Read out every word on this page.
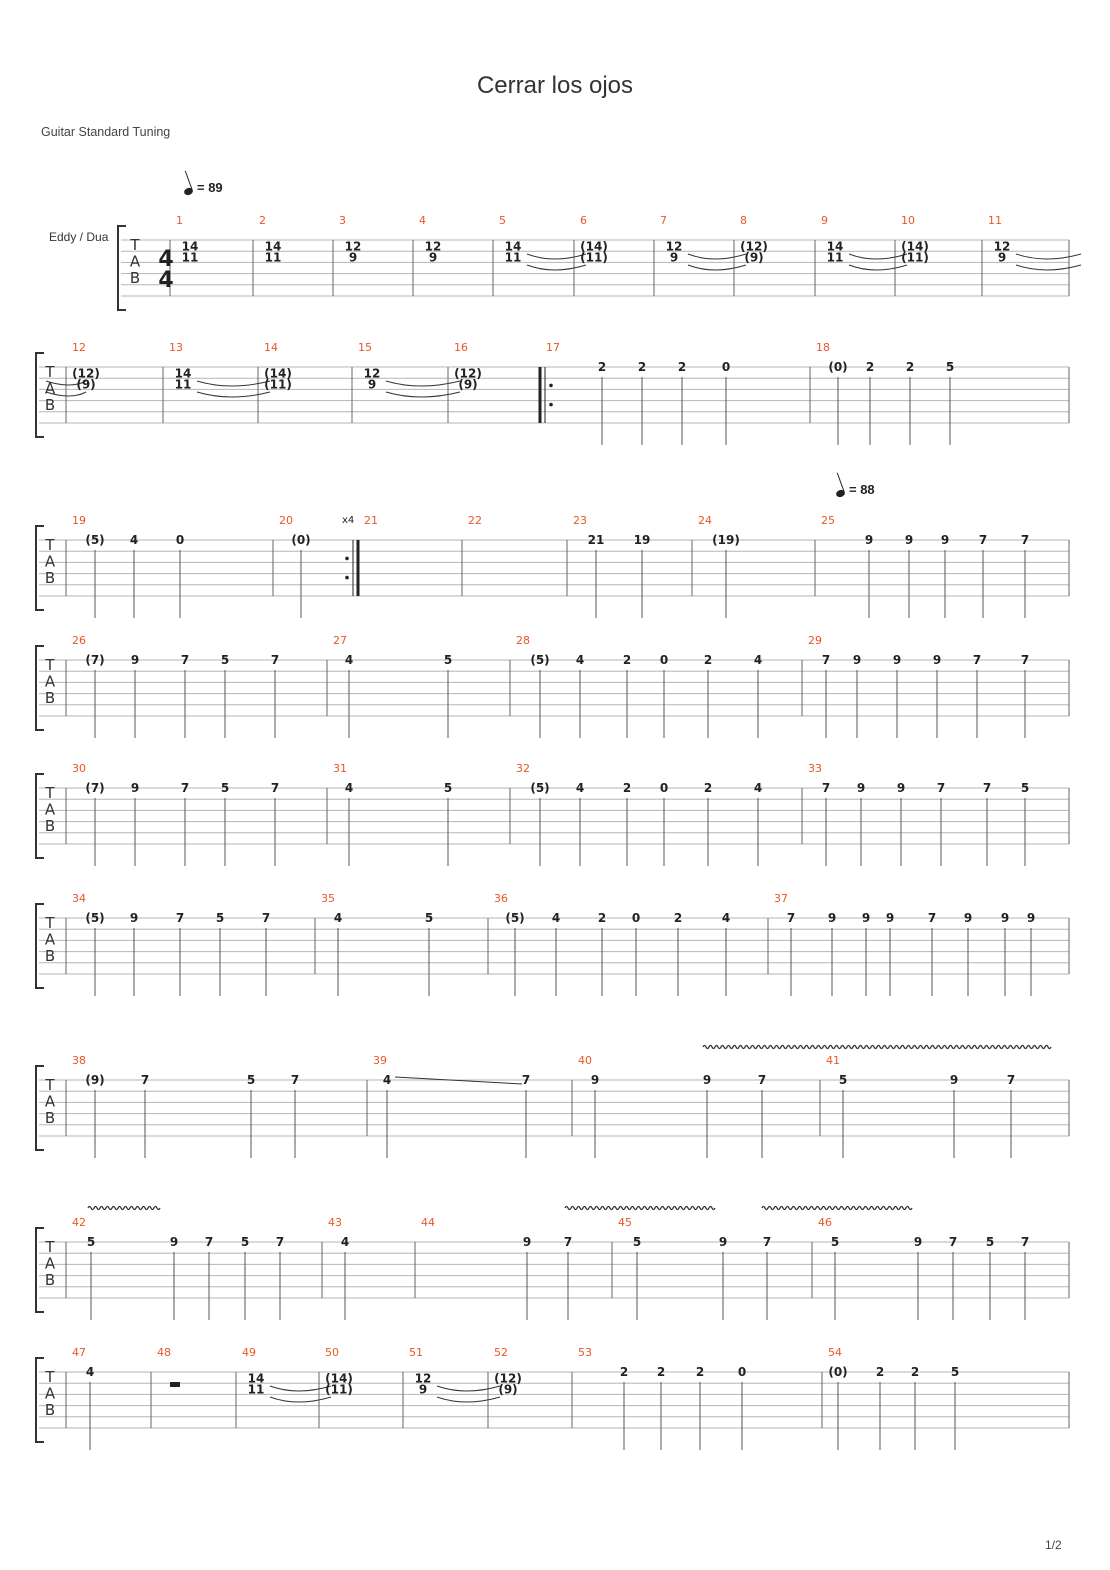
Cerrar los ojos
Guitar Standard Tuning
Eddy / Dua
= 89
= 88
T
A
B
1	2	3	4	5	6	7	8	9	10	11
14
11
14
11
12
9
12
9
14
11
(14)
(11)
12
9
(12)
(9)
14
11
(14)
(11)
12
9
T
A
B
12	13	14	15	16	17	18
(12)
(9)
14
11
(14)
(11)
12
9
(12)
(9)
2	2	2	0	(0) 2	2	5
T
A
B
19	20	21	22	23	24	25
(5) 4	0	(0)	21 19	(19)	9	9 9 7	7
T
A
B
26	27	28	29
(7) 9	7	5	7	4	5	(5) 4	2 0	2	4	7 9	9	9	7	7
T
A
B
30	31	32	33
(7) 9	7	5	7	4	5	(5) 4	2 0	2	4	7 9	9	7	7 5
T
A
B
34	35	36	37
(5) 9	7	5	7	4	5	(5) 4	2 0	2	4	7	9 9 9	7 9 9 9
T
A
B
38	39	40	41
(9)	7	5	7	4	7	9	9	7	5	9	7
T
A
B
42	43	44	45	46
5	9 7 5 7	4	9	7	5	9	7	5	9 7 5 7
T
A
B
47	48	49	50	51	52	53	54
4	14
11
(14)
(11)
12
9
(12)
(9)
2 2	2	0	(0) 2 2	5
4
4
x4
1/2
